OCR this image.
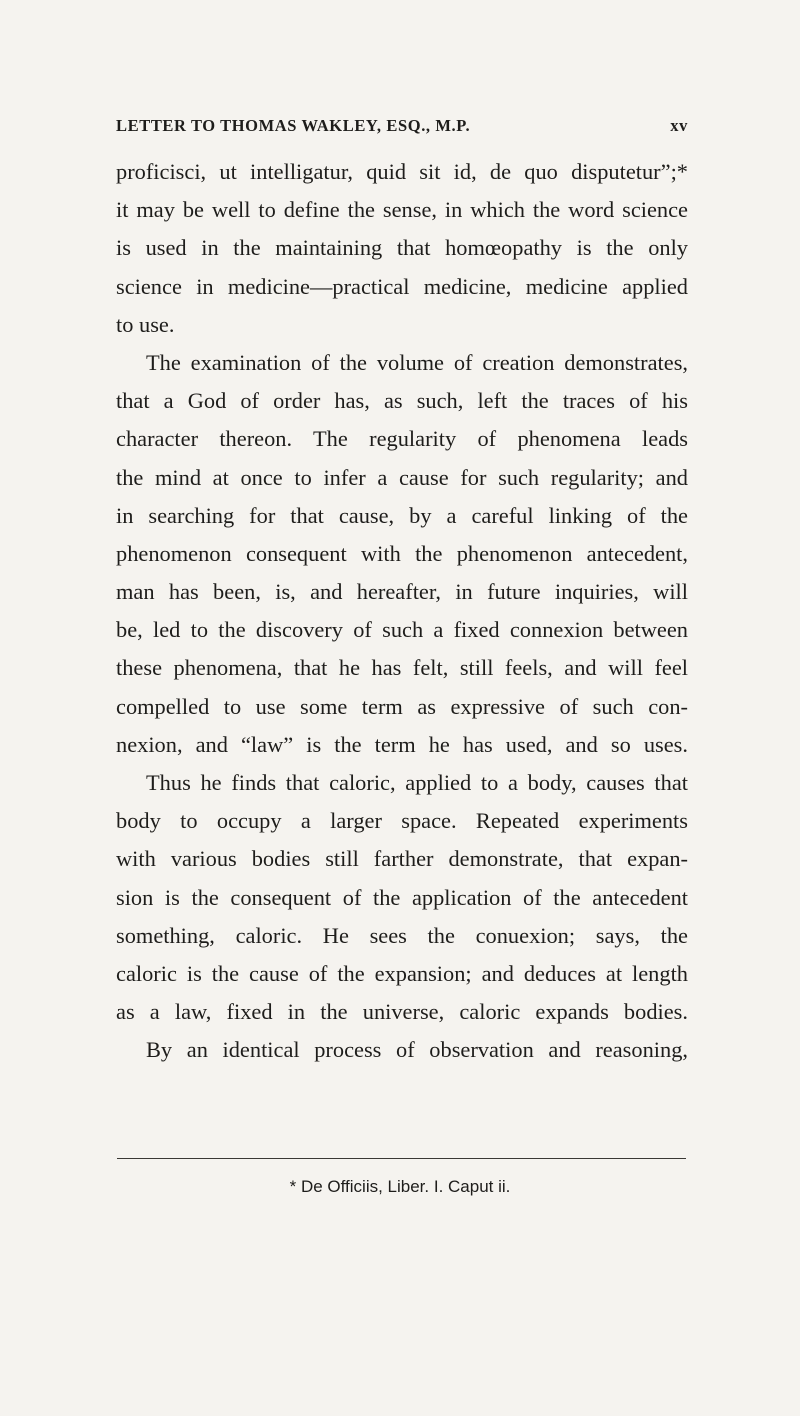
LETTER TO THOMAS WAKLEY, ESQ., M.P.	xv
proficisci, ut intelligatur, quid sit id, de quo disputetur”;*
it may be well to define the sense, in which the word science
is used in the maintaining that homœopathy is the only
science in medicine—practical medicine, medicine applied
to use.
The examination of the volume of creation demonstrates,
that a God of order has, as such, left the traces of his
character thereon. The regularity of phenomena leads
the mind at once to infer a cause for such regularity; and
in searching for that cause, by a careful linking of the
phenomenon consequent with the phenomenon antecedent,
man has been, is, and hereafter, in future inquiries, will
be, led to the discovery of such a fixed connexion between
these phenomena, that he has felt, still feels, and will feel
compelled to use some term as expressive of such con-
nexion, and “law” is the term he has used, and so uses.
Thus he finds that caloric, applied to a body, causes that
body to occupy a larger space. Repeated experiments
with various bodies still farther demonstrate, that expan-
sion is the consequent of the application of the antecedent
something, caloric. He sees the conuexion; says, the
caloric is the cause of the expansion; and deduces at length
as a law, fixed in the universe, caloric expands bodies.
By an identical process of observation and reasoning,
* De Officiis, Liber. I. Caput ii.
